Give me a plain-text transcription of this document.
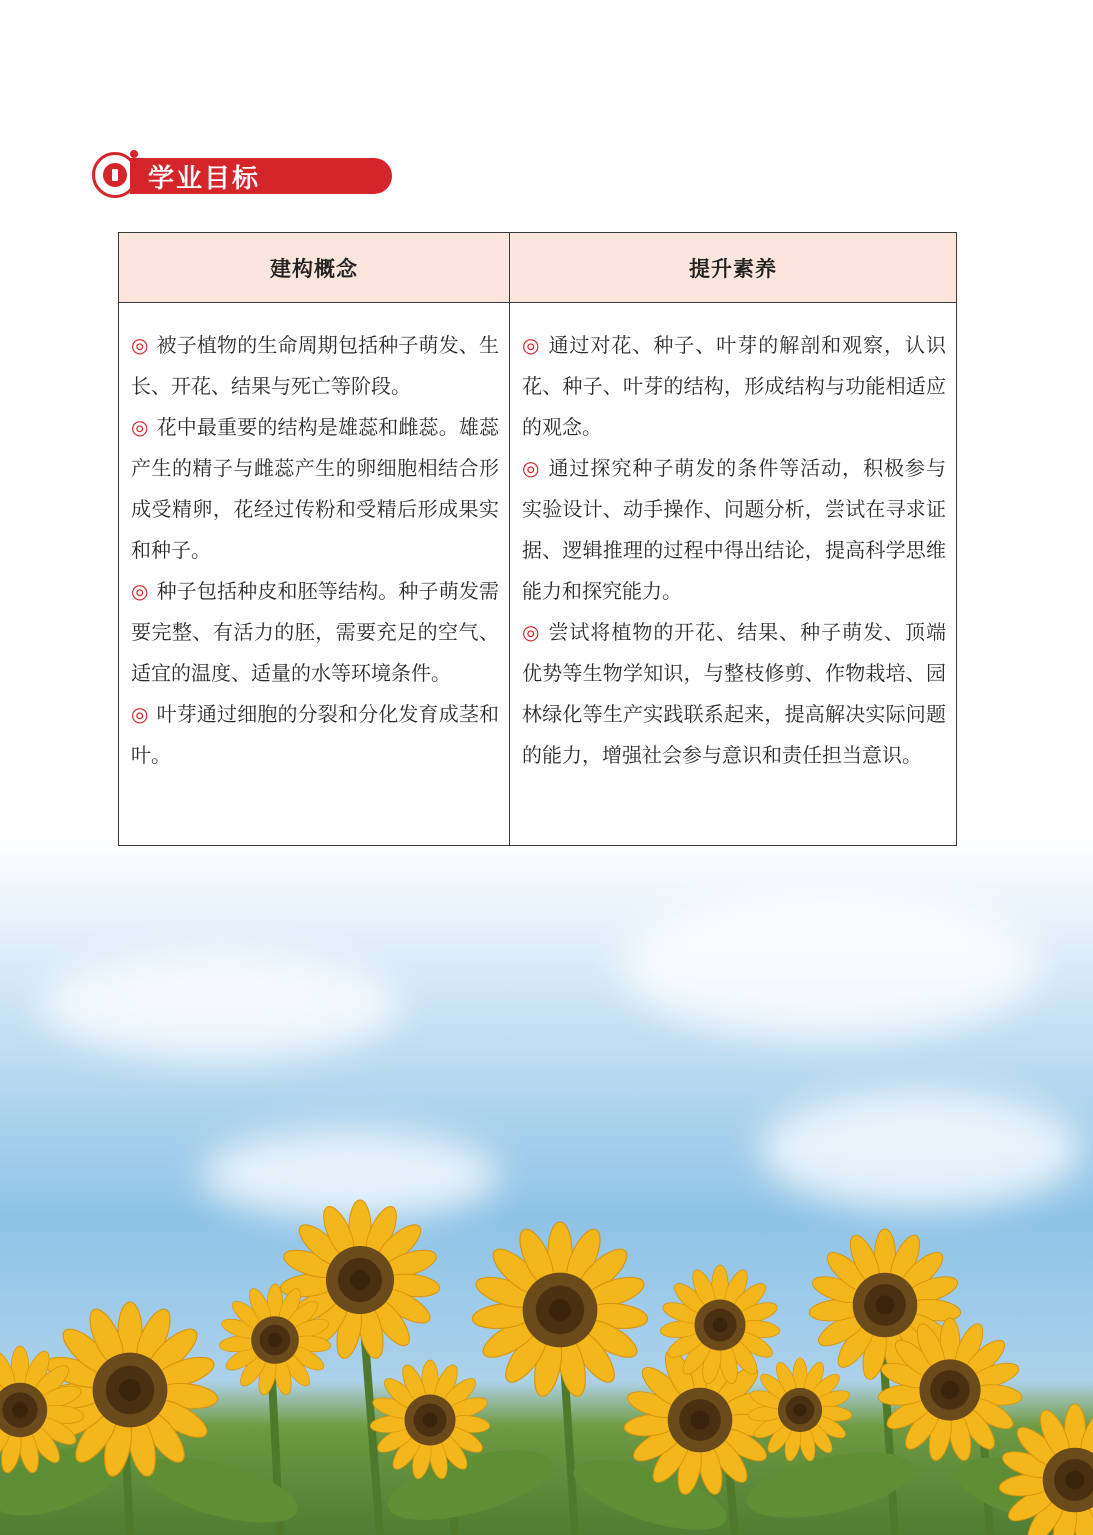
学业目标
建构概念	提升素养

◎ 被子植物的生命周期包括种子萌发、生长、开花、结果与死亡等阶段。

◎ 花中最重要的结构是雄蕊和雌蕊。雄蕊产生的精子与雌蕊产生的卵细胞相结合形成受精卵，花经过传粉和受精后形成果实和种子。

◎ 种子包括种皮和胚等结构。种子萌发需要完整、有活力的胚，需要充足的空气、适宜的温度、适量的水等环境条件。

◎ 叶芽通过细胞的分裂和分化发育成茎和叶。

◎ 通过对花、种子、叶芽的解剖和观察，认识花、种子、叶芽的结构，形成结构与功能相适应的观念。

◎ 通过探究种子萌发的条件等活动，积极参与实验设计、动手操作、问题分析，尝试在寻求证据、逻辑推理的过程中得出结论，提高科学思维能力和探究能力。

◎ 尝试将植物的开花、结果、种子萌发、顶端优势等生物学知识，与整枝修剪、作物栽培、园林绿化等生产实践联系起来，提高解决实际问题的能力，增强社会参与意识和责任担当意识。
